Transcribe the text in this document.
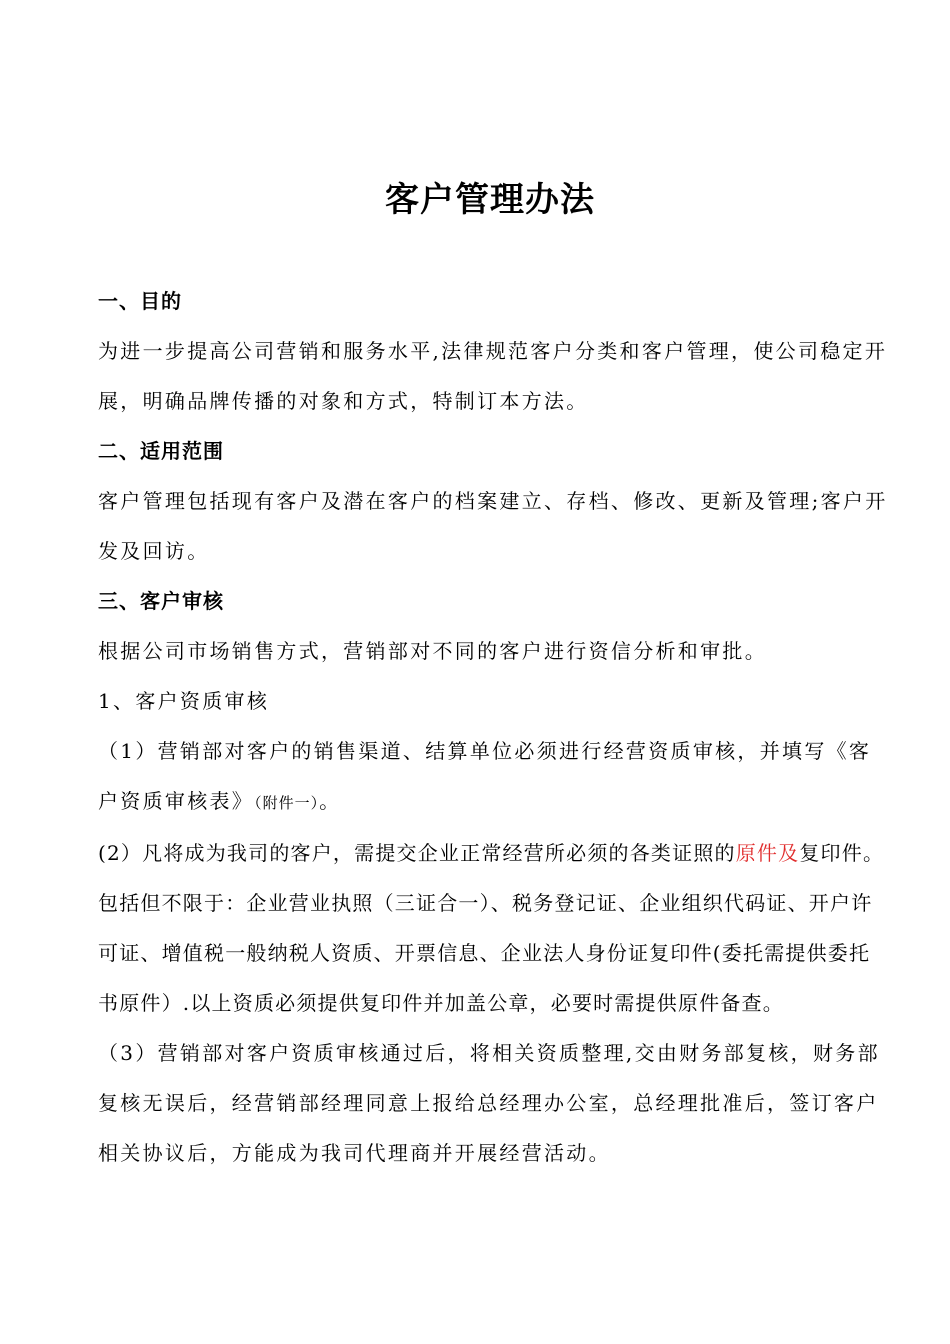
客户管理办法

一、目的

为进一步提高公司营销和服务水平,法律规范客户分类和客户管理，使公司稳定开展，明确品牌传播的对象和方式，特制订本方法。

二、适用范围

客户管理包括现有客户及潜在客户的档案建立、存档、修改、更新及管理;客户开发及回访。

三、客户审核

根据公司市场销售方式，营销部对不同的客户进行资信分析和审批。

1、客户资质审核

（1）营销部对客户的销售渠道、结算单位必须进行经营资质审核，并填写《客户资质审核表》（附件一）。

(2）凡将成为我司的客户，需提交企业正常经营所必须的各类证照的原件及复印件。包括但不限于：企业营业执照（三证合一）、税务登记证、企业组织代码证、开户许可证、增值税一般纳税人资质、开票信息、企业法人身份证复印件(委托需提供委托书原件）.以上资质必须提供复印件并加盖公章，必要时需提供原件备查。

（3）营销部对客户资质审核通过后，将相关资质整理,交由财务部复核，财务部复核无误后，经营销部经理同意上报给总经理办公室，总经理批准后，签订客户相关协议后，方能成为我司代理商并开展经营活动。
